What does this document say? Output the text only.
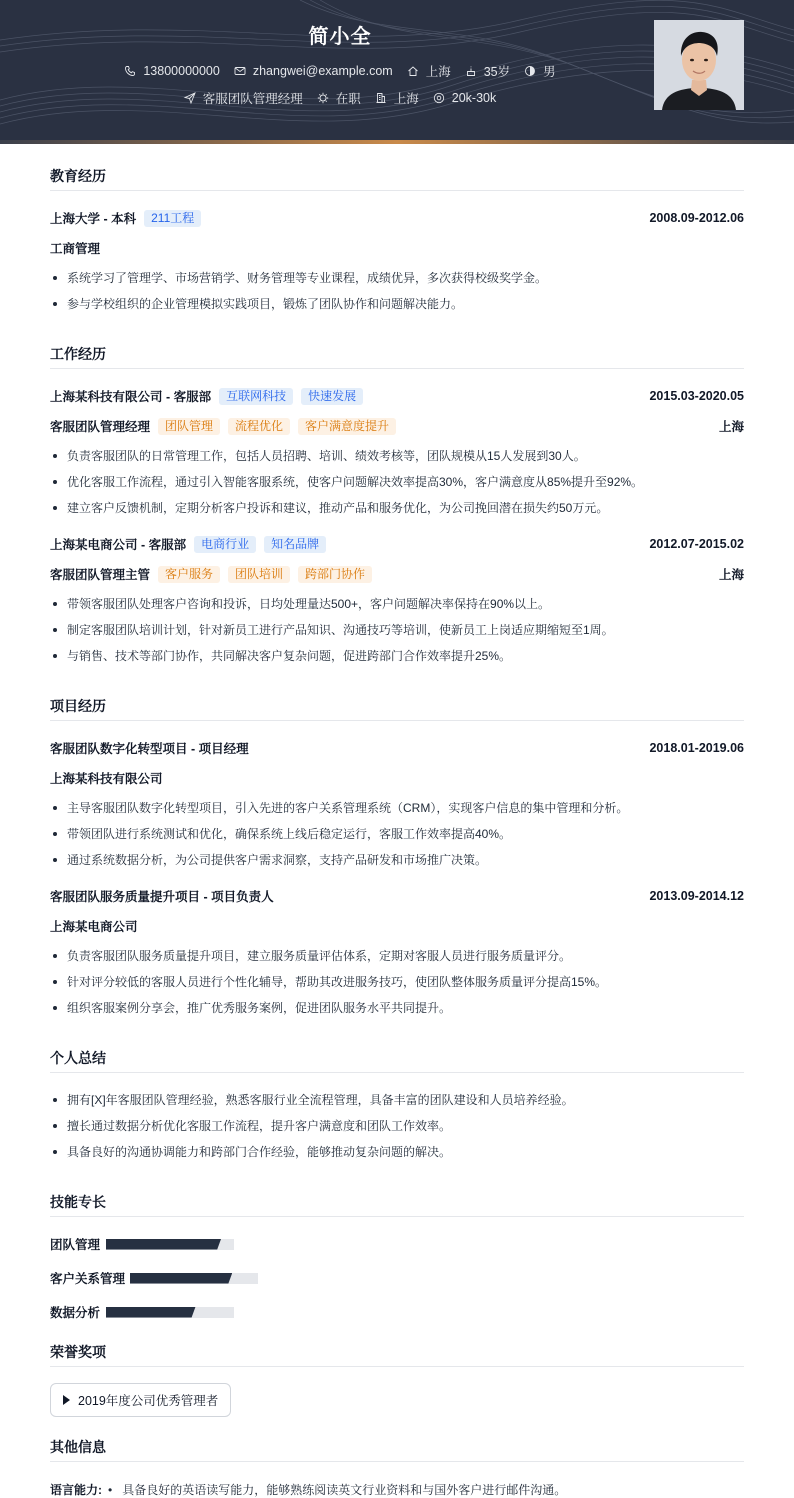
简小全
13800000000	zhangwei@example.com	上海	35岁	男
客服团队管理经理	在职	上海	20k-30k
教育经历
上海大学 - 本科	211工程	2008.09-2012.06
工商管理
系统学习了管理学、市场营销学、财务管理等专业课程，成绩优异，多次获得校级奖学金。
参与学校组织的企业管理模拟实践项目，锻炼了团队协作和问题解决能力。
工作经历
上海某科技有限公司 - 客服部	互联网科技	快速发展	2015.03-2020.05
客服团队管理经理	团队管理	流程优化	客户满意度提升	上海
负责客服团队的日常管理工作，包括人员招聘、培训、绩效考核等，团队规模从15人发展到30人。
优化客服工作流程，通过引入智能客服系统，使客户问题解决效率提高30%，客户满意度从85%提升至92%。
建立客户反馈机制，定期分析客户投诉和建议，推动产品和服务优化，为公司挽回潜在损失约50万元。
上海某电商公司 - 客服部	电商行业	知名品牌	2012.07-2015.02
客服团队管理主管	客户服务	团队培训	跨部门协作	上海
带领客服团队处理客户咨询和投诉，日均处理量达500+，客户问题解决率保持在90%以上。
制定客服团队培训计划，针对新员工进行产品知识、沟通技巧等培训，使新员工上岗适应期缩短至1周。
与销售、技术等部门协作，共同解决客户复杂问题，促进跨部门合作效率提升25%。
项目经历
客服团队数字化转型项目 - 项目经理	2018.01-2019.06
上海某科技有限公司
主导客服团队数字化转型项目，引入先进的客户关系管理系统（CRM），实现客户信息的集中管理和分析。
带领团队进行系统测试和优化，确保系统上线后稳定运行，客服工作效率提高40%。
通过系统数据分析，为公司提供客户需求洞察，支持产品研发和市场推广决策。
客服团队服务质量提升项目 - 项目负责人	2013.09-2014.12
上海某电商公司
负责客服团队服务质量提升项目，建立服务质量评估体系，定期对客服人员进行服务质量评分。
针对评分较低的客服人员进行个性化辅导，帮助其改进服务技巧，使团队整体服务质量评分提高15%。
组织客服案例分享会，推广优秀服务案例，促进团队服务水平共同提升。
个人总结
拥有[X]年客服团队管理经验，熟悉客服行业全流程管理，具备丰富的团队建设和人员培养经验。
擅长通过数据分析优化客服工作流程，提升客户满意度和团队工作效率。
具备良好的沟通协调能力和跨部门合作经验，能够推动复杂问题的解决。
技能专长
团队管理
客户关系管理
数据分析
荣誉奖项
2019年度公司优秀管理者
其他信息
语言能力: • 具备良好的英语读写能力，能够熟练阅读英文行业资料和与国外客户进行邮件沟通。
